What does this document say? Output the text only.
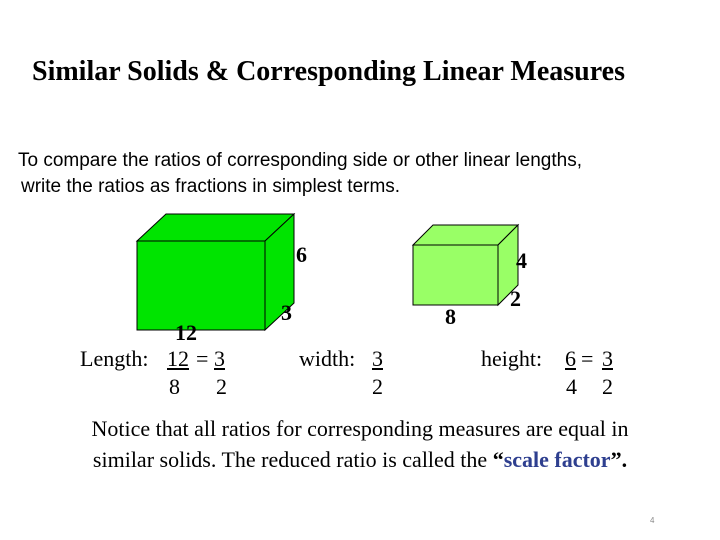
Similar Solids & Corresponding Linear Measures
To compare the ratios of corresponding side or other linear lengths,
write the ratios as fractions in simplest terms.
6
3
4
2
8
12
Length: 12 = 3
8 2
width: 3
2
height: 6 = 3
4 2
Notice that all ratios for corresponding measures are equal in
similar solids. The reduced ratio is called the “scale factor”.
4
